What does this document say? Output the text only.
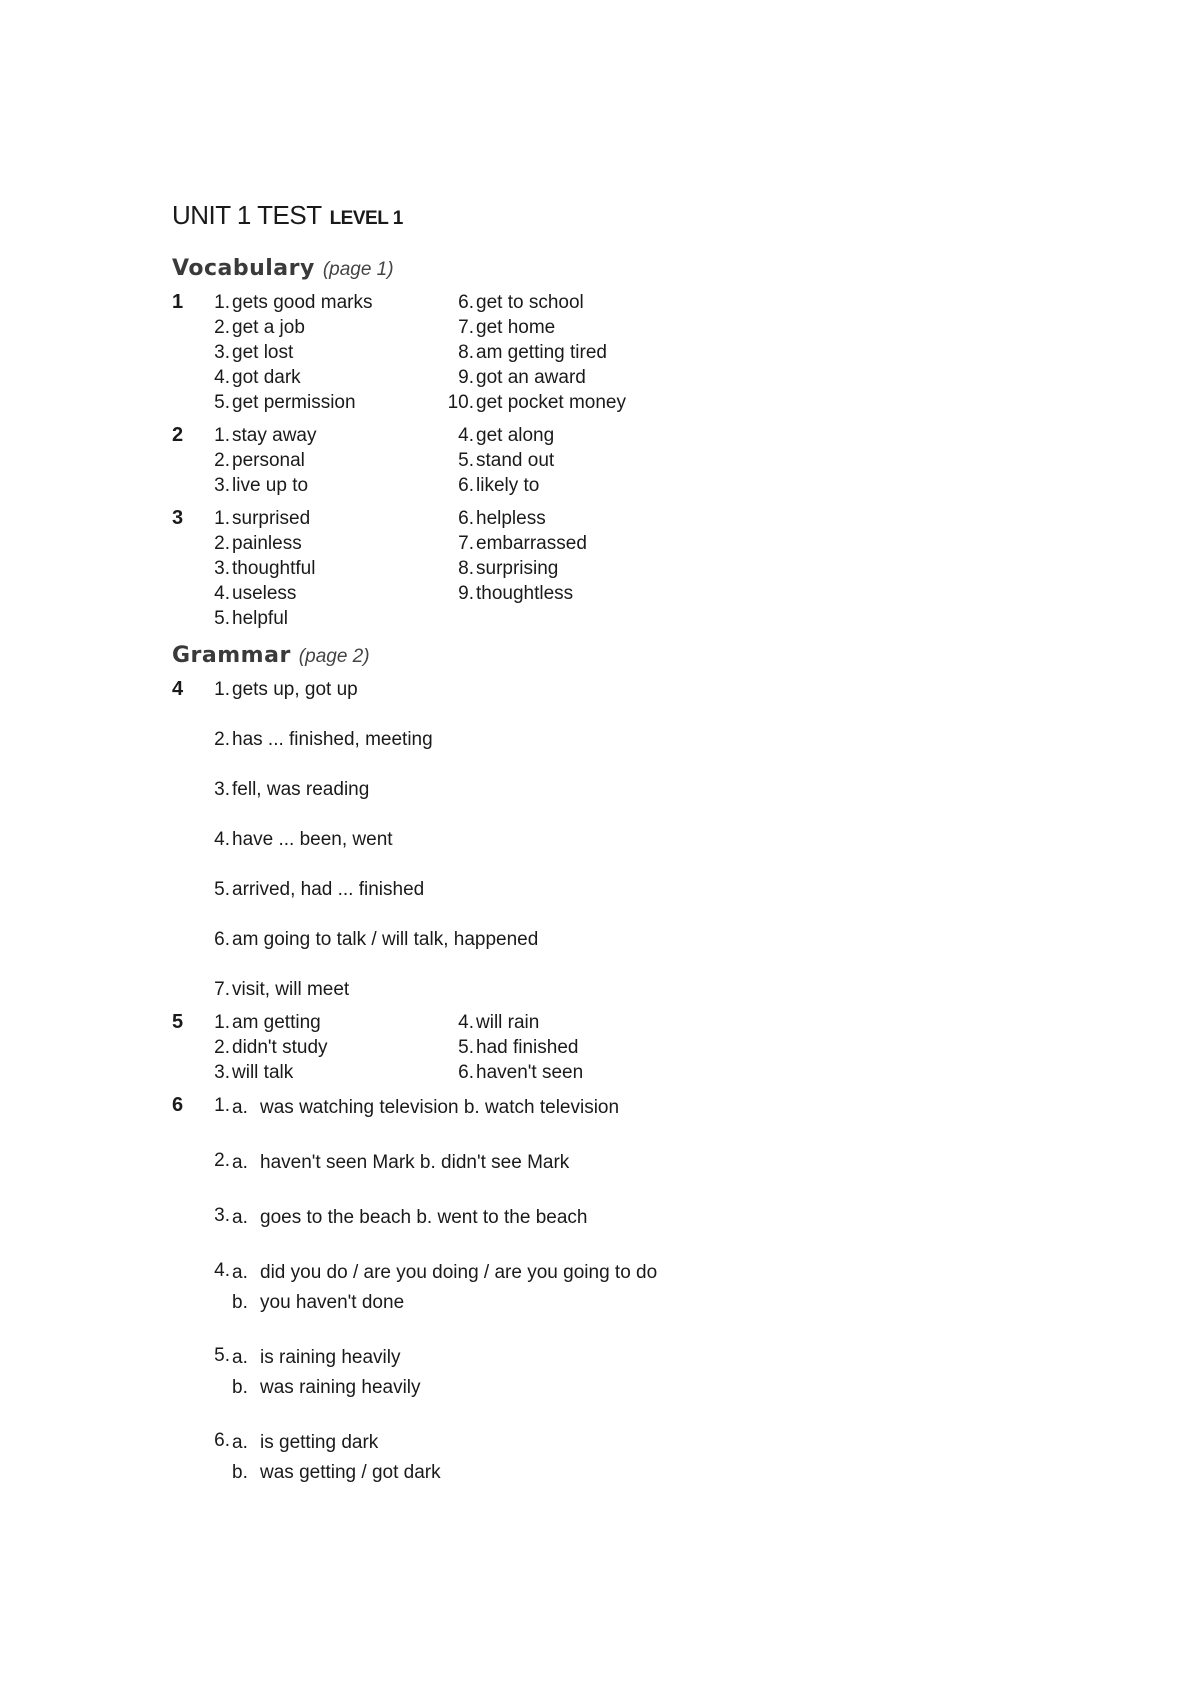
UNIT 1 TEST LEVEL 1
Vocabulary (page 1)
1	1. gets good marks
2. get a job
3. get lost
4. got dark
5. get permission
6. get to school
7. get home
8. am getting tired
9. got an award
10. get pocket money
2	1. stay away
2. personal
3. live up to
4. get along
5. stand out
6. likely to
3	1. surprised
2. painless
3. thoughtful
4. useless
5. helpful
6. helpless
7. embarrassed
8. surprising
9. thoughtless
Grammar (page 2)
4	1. gets up, got up
2. has ... finished, meeting
3. fell, was reading
4. have ... been, went
5. arrived, had ... finished
6. am going to talk / will talk, happened
7. visit, will meet
5	1. am getting
2. didn't study
3. will talk
4. will rain
5. had finished
6. haven't seen
6	1. a. was watching television b. watch television
2. a. haven't seen Mark b. didn't see Mark
3. a. goes to the beach b. went to the beach
4. a. did you do / are you doing / are you going to do
b. you haven't done
5. a. is raining heavily
b. was raining heavily
6. a. is getting dark
b. was getting / got dark
